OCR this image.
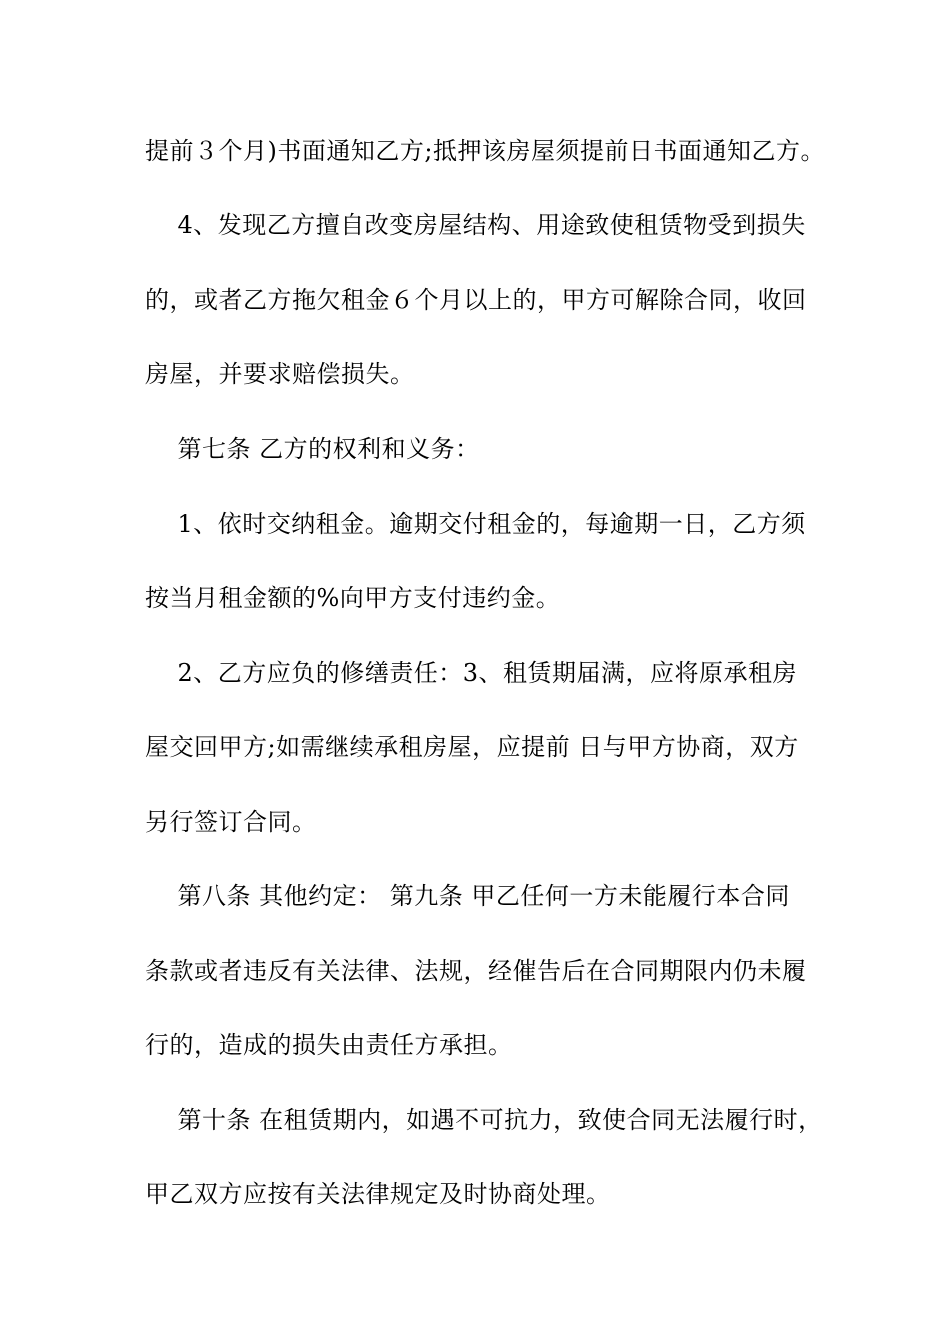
提前３个月)书面通知乙方;抵押该房屋须提前日书面通知乙方。
4、发现乙方擅自改变房屋结构、用途致使租赁物受到损失
的，或者乙方拖欠租金６个月以上的，甲方可解除合同，收回
房屋，并要求赔偿损失。
第七条 乙方的权利和义务：
1、依时交纳租金。逾期交付租金的，每逾期一日，乙方须
按当月租金额的%向甲方支付违约金。
2、乙方应负的修缮责任：3、租赁期届满，应将原承租房
屋交回甲方;如需继续承租房屋，应提前 日与甲方协商，双方
另行签订合同。
第八条 其他约定： 第九条 甲乙任何一方未能履行本合同
条款或者违反有关法律、法规，经催告后在合同期限内仍未履
行的，造成的损失由责任方承担。
第十条 在租赁期内，如遇不可抗力，致使合同无法履行时，
甲乙双方应按有关法律规定及时协商处理。
